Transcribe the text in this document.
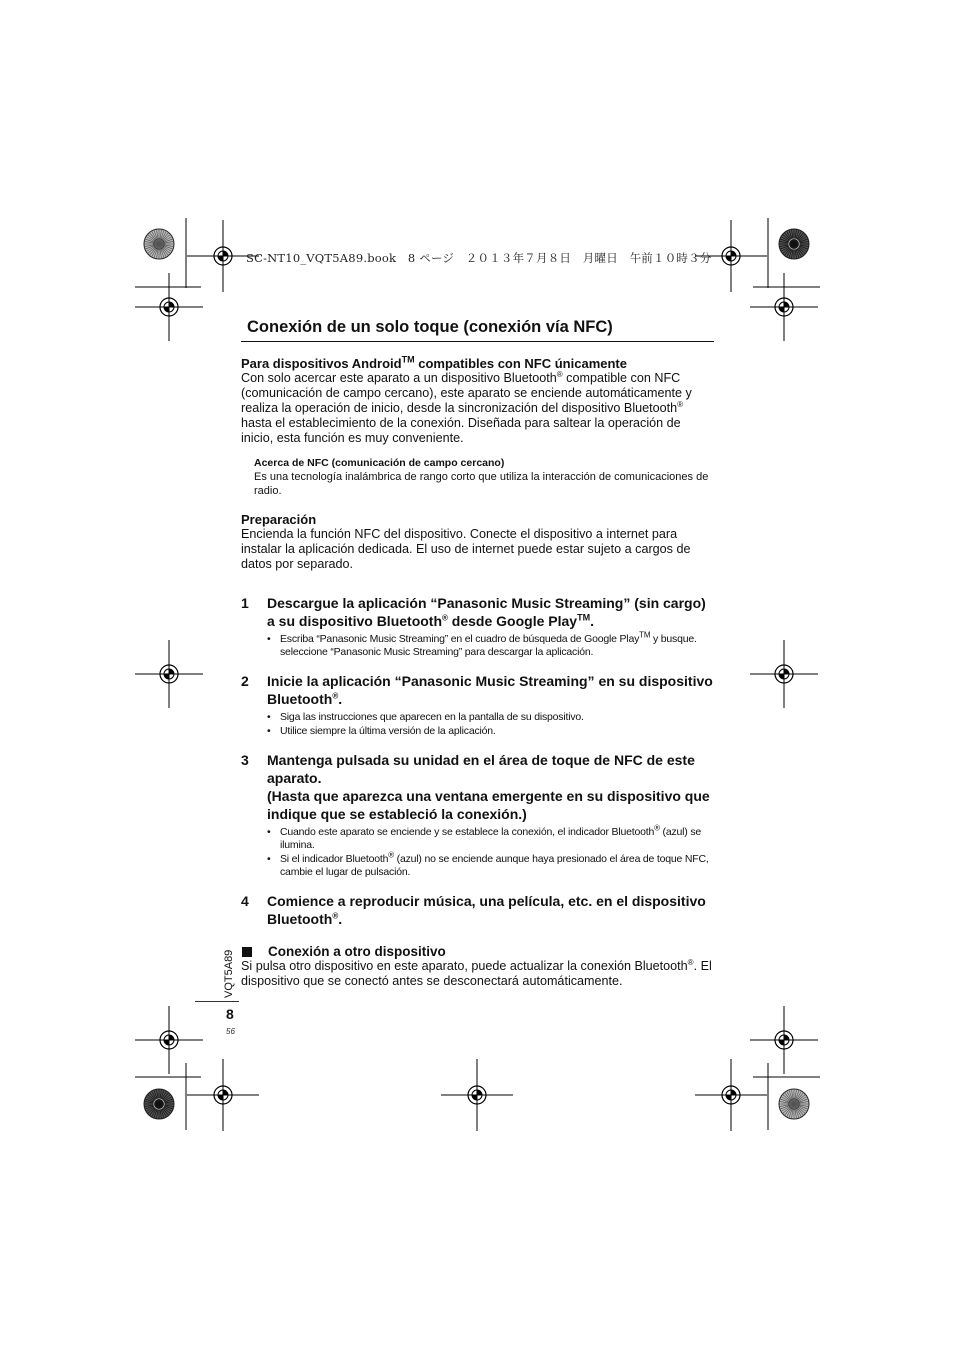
SC-NT10_VQT5A89.book　8 ページ　２０１３年７月８日　月曜日　午前１０時３分
Conexión de un solo toque (conexión vía NFC)

Para dispositivos Android™ compatibles con NFC únicamente

Con solo acercar este aparato a un dispositivo Bluetooth® compatible con NFC (comunicación de campo cercano), este aparato se enciende automáticamente y realiza la operación de inicio, desde la sincronización del dispositivo Bluetooth® hasta el establecimiento de la conexión. Diseñada para saltear la operación de inicio, esta función es muy conveniente.

Acerca de NFC (comunicación de campo cercano)
Es una tecnología inalámbrica de rango corto que utiliza la interacción de comunicaciones de radio.

Preparación

Encienda la función NFC del dispositivo. Conecte el dispositivo a internet para instalar la aplicación dedicada. El uso de internet puede estar sujeto a cargos de datos por separado.

1	Descargue la aplicación “Panasonic Music Streaming” (sin cargo) a su dispositivo Bluetooth® desde Google Play™.
• Escriba “Panasonic Music Streaming” en el cuadro de búsqueda de Google Play™ y busque. seleccione “Panasonic Music Streaming” para descargar la aplicación.
2	Inicie la aplicación “Panasonic Music Streaming” en su dispositivo Bluetooth®.
• Siga las instrucciones que aparecen en la pantalla de su dispositivo.
• Utilice siempre la última versión de la aplicación.
3	Mantenga pulsada su unidad en el área de toque de NFC de este aparato.
(Hasta que aparezca una ventana emergente en su dispositivo que indique que se estableció la conexión.)
• Cuando este aparato se enciende y se establece la conexión, el indicador Bluetooth® (azul) se ilumina.
• Si el indicador Bluetooth® (azul) no se enciende aunque haya presionado el área de toque NFC, cambie el lugar de pulsación.
4	Comience a reproducir música, una película, etc. en el dispositivo Bluetooth®.
Conexión a otro dispositivo

Si pulsa otro dispositivo en este aparato, puede actualizar la conexión Bluetooth®. El dispositivo que se conectó antes se desconectará automáticamente.

VQT5A89
8
56
